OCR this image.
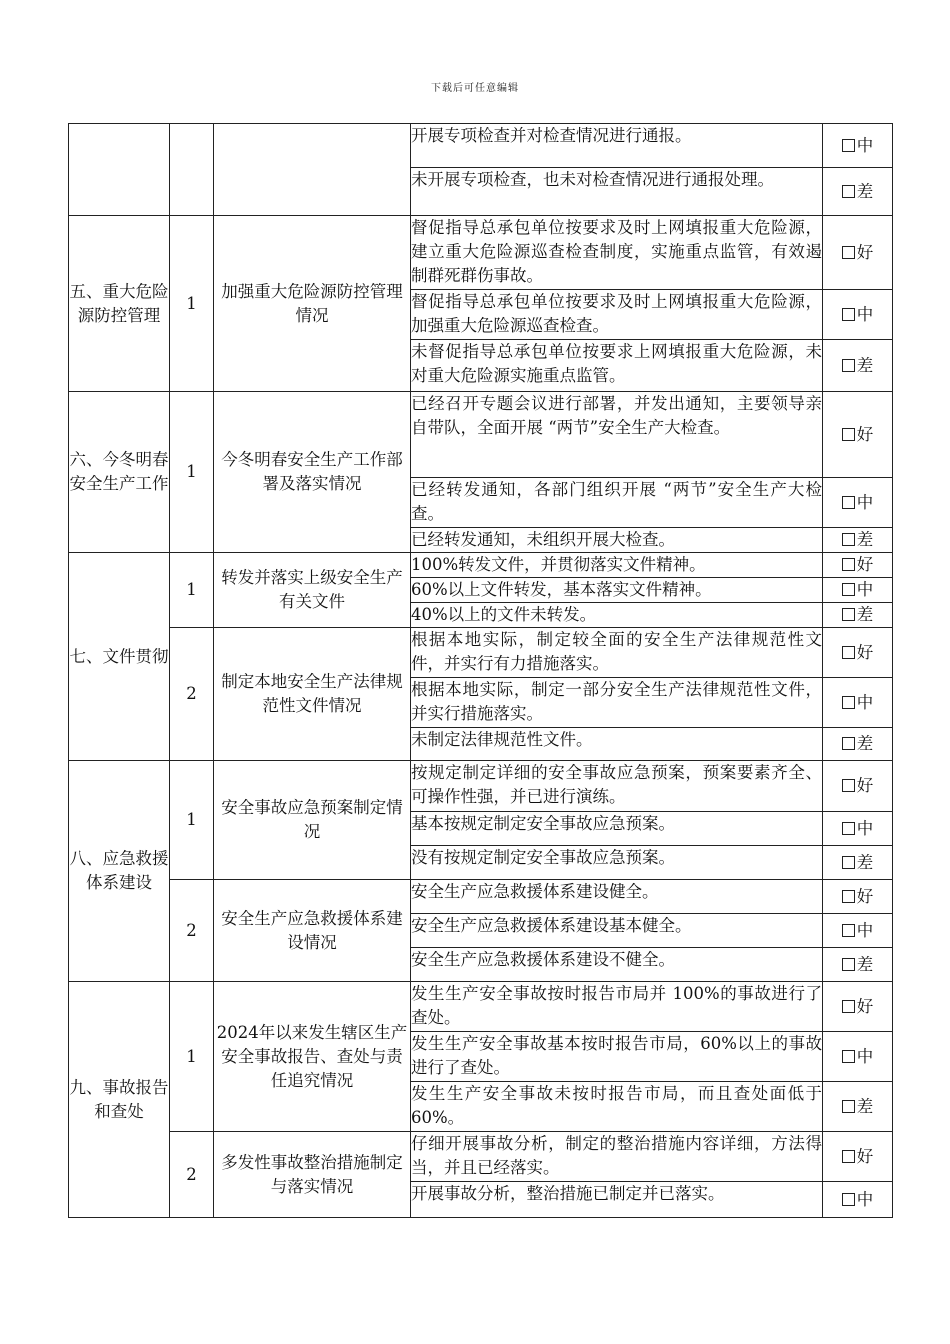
下载后可任意编辑
			开展专项检查并对检查情况进行通报。	中
			未开展专项检查，也未对检查情况进行通报处理。	差
五、重大危险源防控管理	1	加强重大危险源防控管理情况	督促指导总承包单位按要求及时上网填报重大危险源，建立重大危险源巡查检查制度，实施重点监管，有效遏制群死群伤事故。	好
			督促指导总承包单位按要求及时上网填报重大危险源，加强重大危险源巡查检查。	中
			未督促指导总承包单位按要求上网填报重大危险源，未对重大危险源实施重点监管。	差
六、今冬明春安全生产工作	1	今冬明春安全生产工作部署及落实情况	已经召开专题会议进行部署，并发出通知，主要领导亲自带队，全面开展 “两节”安全生产大检查。	好
			已经转发通知，各部门组织开展 “两节”安全生产大检查。	中
			已经转发通知，未组织开展大检查。	差
七、文件贯彻	1	转发并落实上级安全生产有关文件	100%转发文件，并贯彻落实文件精神。	好
			60%以上文件转发，基本落实文件精神。	中
			40%以上的文件未转发。	差
	2	制定本地安全生产法律规范性文件情况	根据本地实际，制定较全面的安全生产法律规范性文件，并实行有力措施落实。	好
			根据本地实际，制定一部分安全生产法律规范性文件，并实行措施落实。	中
			未制定法律规范性文件。	差
八、应急救援体系建设	1	安全事故应急预案制定情况	按规定制定详细的安全事故应急预案，预案要素齐全、可操作性强，并已进行演练。	好
			基本按规定制定安全事故应急预案。	中
			没有按规定制定安全事故应急预案。	差
	2	安全生产应急救援体系建设情况	安全生产应急救援体系建设健全。	好
			安全生产应急救援体系建设基本健全。	中
			安全生产应急救援体系建设不健全。	差
九、事故报告和查处	1	2024年以来发生辖区生产安全事故报告、查处与责任追究情况	发生生产安全事故按时报告市局并 100%的事故进行了查处。	好
			发生生产安全事故基本按时报告市局，60%以上的事故进行了查处。	中
			发生生产安全事故未按时报告市局，而且查处面低于 60%。	差
	2	多发性事故整治措施制定与落实情况	仔细开展事故分析，制定的整治措施内容详细，方法得当，并且已经落实。	好
			开展事故分析，整治措施已制定并已落实。	中
